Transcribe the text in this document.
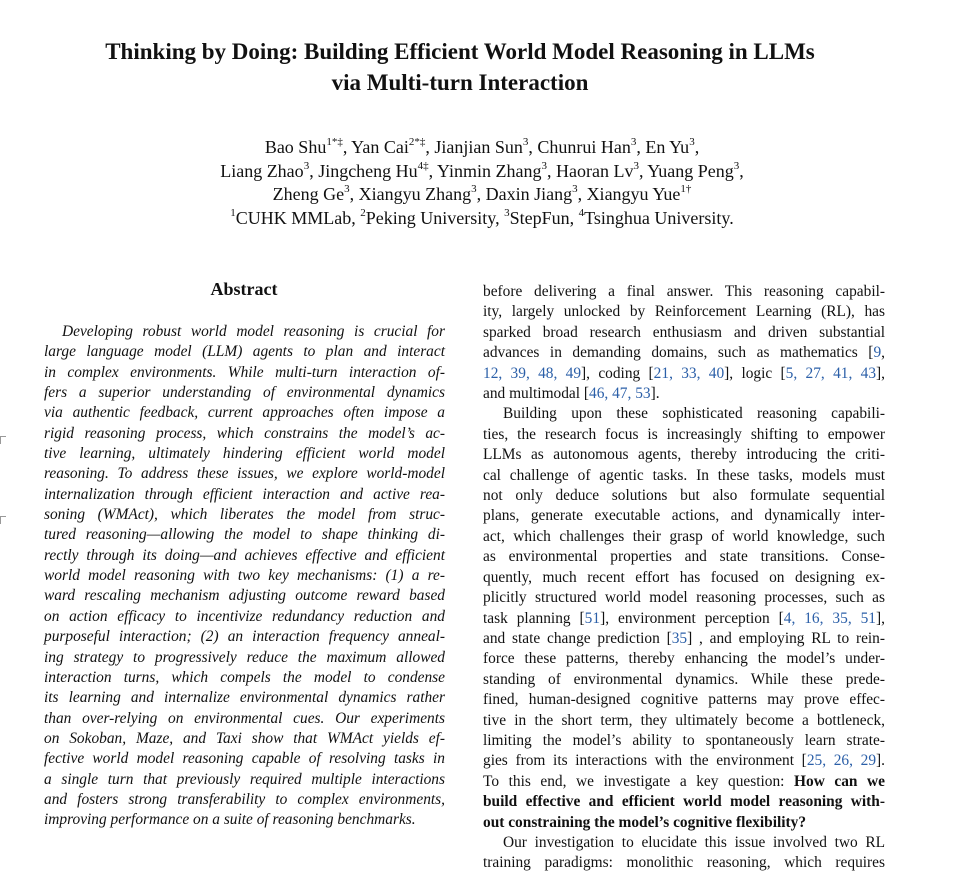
Thinking by Doing: Building Efficient World Model Reasoning in LLMs
via Multi-turn Interaction
Bao Shu$^{1*\ddagger}$, Yan Cai$^{2*\ddagger}$, Jianjian Sun$^3$, Chunrui Han$^3$, En Yu$^3$,
Liang Zhao$^3$, Jingcheng $Hu^{4\ddagger}$, Yinmin Zhang$^3$, Haoran Lv$^3$, Yuang Peng$^3$,
Zheng Ge$^3$, Xiangyu Zhang$^3$, Daxin Jiang$^3$, Xiangyu Yue$^{1\dagger}$
$^1$CUHK MMLab, $^2$Peking University, $^3$StepFun, $^4$Tsinghua University.
Abstract
Developing robust world model reasoning is crucial for
large language model (LLM) agents to plan and interact
in complex environments. While multi-turn interaction of-
fers a superior understanding of environmental dynamics
via authentic feedback, current approaches often impose a
rigid reasoning process, which constrains the model’s ac-
tive learning, ultimately hindering efficient world model
reasoning. To address these issues, we explore world-model
internalization through efficient interaction and active rea-
soning (WMAct), which liberates the model from struc-
tured reasoning—allowing the model to shape thinking di-
rectly through its doing—and achieves effective and efficient
world model reasoning with two key mechanisms: (1) a re-
ward rescaling mechanism adjusting outcome reward based
on action efficacy to incentivize redundancy reduction and
purposeful interaction; (2) an interaction frequency anneal-
ing strategy to progressively reduce the maximum allowed
interaction turns, which compels the model to condense
its learning and internalize environmental dynamics rather
than over-relying on environmental cues. Our experiments
on Sokoban, Maze, and Taxi show that WMAct yields ef-
fective world model reasoning capable of resolving tasks in
a single turn that previously required multiple interactions
and fosters strong transferability to complex environments,
improving performance on a suite of reasoning benchmarks.
before delivering a final answer. This reasoning capabil-
ity, largely unlocked by Reinforcement Learning (RL), has
sparked broad research enthusiasm and driven substantial
advances in demanding domains, such as mathematics [9,
12, 39, 48, 49], coding [21, 33, 40], logic [5, 27, 41, 43],
and multimodal [46, 47, 53].
Building upon these sophisticated reasoning capabili-
ties, the research focus is increasingly shifting to empower
LLMs as autonomous agents, thereby introducing the criti-
cal challenge of agentic tasks. In these tasks, models must
not only deduce solutions but also formulate sequential
plans, generate executable actions, and dynamically inter-
act, which challenges their grasp of world knowledge, such
as environmental properties and state transitions. Conse-
quently, much recent effort has focused on designing ex-
plicitly structured world model reasoning processes, such as
task planning [51], environment perception [4, 16, 35, 51],
and state change prediction [35] , and employing RL to rein-
force these patterns, thereby enhancing the model’s under-
standing of environmental dynamics. While these prede-
fined, human-designed cognitive patterns may prove effec-
tive in the short term, they ultimately become a bottleneck,
limiting the model’s ability to spontaneously learn strate-
gies from its interactions with the environment [25, 26, 29].
To this end, we investigate a key question: How can we
build effective and efficient world model reasoning with-
out constraining the model’s cognitive flexibility?
Our investigation to elucidate this issue involved two RL
training paradigms: monolithic reasoning, which requires
